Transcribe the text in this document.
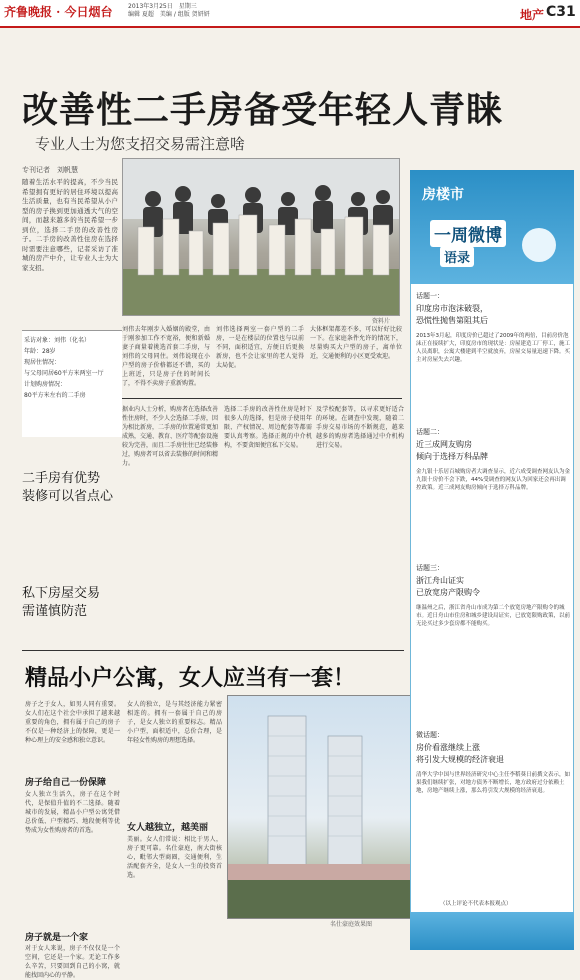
齐鲁晚报 · 今日烟台	2013年3月25日　星期三
编辑 夏超　美编 / 组版 贺妍妍	地产 C31
改善性二手房备受年轻人青睐
专业人士为您支招交易需注意啥
专刊记者　刘帆慧
随着生活水平的提高，不少当民希望拥有更好的居住环境以提高生活质量，也有当民希望从小户型的房子换到更加通透大气的空间，而越来越多的当民希望一步到位，选择二手房的改善性房子。二手房的改善性住房在选择时需要注意哪些，记者采访了准城的房产中介，让专业人士为大家支招。
资料片
刘伟去年刚步入婚姻的殿堂，由于刚参加工作不宽裕，便和新婚妻子商量着挑选首套二手房，与刘伟的父母同住。刘伟说现在小户型的房子价格都还不错，买的上班近，只是房子住的时间长了，不得不卖房子重新购置。
刘伟选择两室一套户型的二手房，一是在楼层的位置也与以前不同，面积适宜，方便日后更换新房，也不会让家里的老人觉得太局促。
大体框架都差不多，可以好好比较一下。在家庭条件允许的情况下，尽量购买大户型的房子，离单位近，交通便利的小区更受欢迎。
采访对象：刘伟（化名）
年龄：28岁
现居住情况：
与父母同居60平方米两室一厅
计划购房情况：
80平方米左右的二手房
二手房有优势
装修可以省点心
私下房屋交易
需谨慎防范
据业内人士分析，购房者在选择改善性住房时，不少人会选择二手房，因为相比新房，二手房的位置通常更加成熟，交通、教育、医疗等配套设施较为完善，而且二手房往往已经装修过，购房者可以省去装修的时间和精力。
选择二手房的改善性住房是时下很多人的选择，但是房子使用年限、产权情况、周边配套等都需要认真考察。选择正规的中介机构，不要贪图便宜私下交易。
及学校配套等，以寻求更好适合的环境。在调查中发现，随着二手房交易市场的不断规范，越来越多的购房者选择通过中介机构进行交易。
精品小户公寓，女人应当有一套！
房子之于女人，如男人同有重要。女人们在这个社会中承担了越来越重要的角色，拥有属于自己的房子不仅是一种经济上的保障，更是一种心理上的安全感和独立意识。
房子给自己一份保障
女人独立生活久，房子在这个时代，是保值升值的不二选择。随着城市的发展，精品小户型公寓凭借总价低、户型精巧、地段便利等优势成为女性购房者的首选。
房子就是一个家
对于女人来说，房子不仅仅是一个空间，它还是一个家。无论工作多么辛苦，只要回到自己的小窝，就能找回内心的平静。
女人越独立，越美丽
女人的独立，是与其经济能力紧密相连的。拥有一套属于自己的房子，是女人独立的重要标志。精品小户型，面积适中，总价合理，是年轻女性购房的理想选择。
美丽。女人们常说：相比于男人，房子更可靠。名仕豪庭，南大街核心，毗邻大型商圈，交通便利，生活配套齐全，是女人一生的投资首选。
名仕豪庭效果图
房楼市
一周微博
语录
话题一：
印度房市泡沫破裂，
恐慌性抛售第阻其后
2013年3月起，印度房价已超过了2009年的两倍，目前房价泡沫正在接续扩大，印度房市的现状是：房屋建造工厂停工，施工人员离职，公寓大楼建到半空就放弃，房屋交易量迅速下降。买主对房屋失去兴趣。
话题二：
近三成网友购房
倾向于选择万科品牌
金九银十乐居百城购房者大调查显示，近六成受调查网友认为金九银十房价不会下跌，44%受调查的网友认为回家还会再出调控政策。近三成网友购房倾向于选择万科品牌。
话题三：
浙江舟山证实
已放宽房产限购令
继温州之后，浙江省舟山市成为第二个放宽房地产限购令的城市。近日舟山市住房和城乡建设局证实，已放宽限购政策，以前无论买过多少套房都不能购买。
微话题：
房价看涨继续上涨
将引发大规模的经济衰退
清华大学中国与世界经济研究中心主任李稻葵日前撰文表示，如果我们继续扩张，对地方债务不断增长，地方政府过分依赖土地，房地产继续上涨，那么将引发大规模的经济衰退。
（以上评论不代表本报观点）
